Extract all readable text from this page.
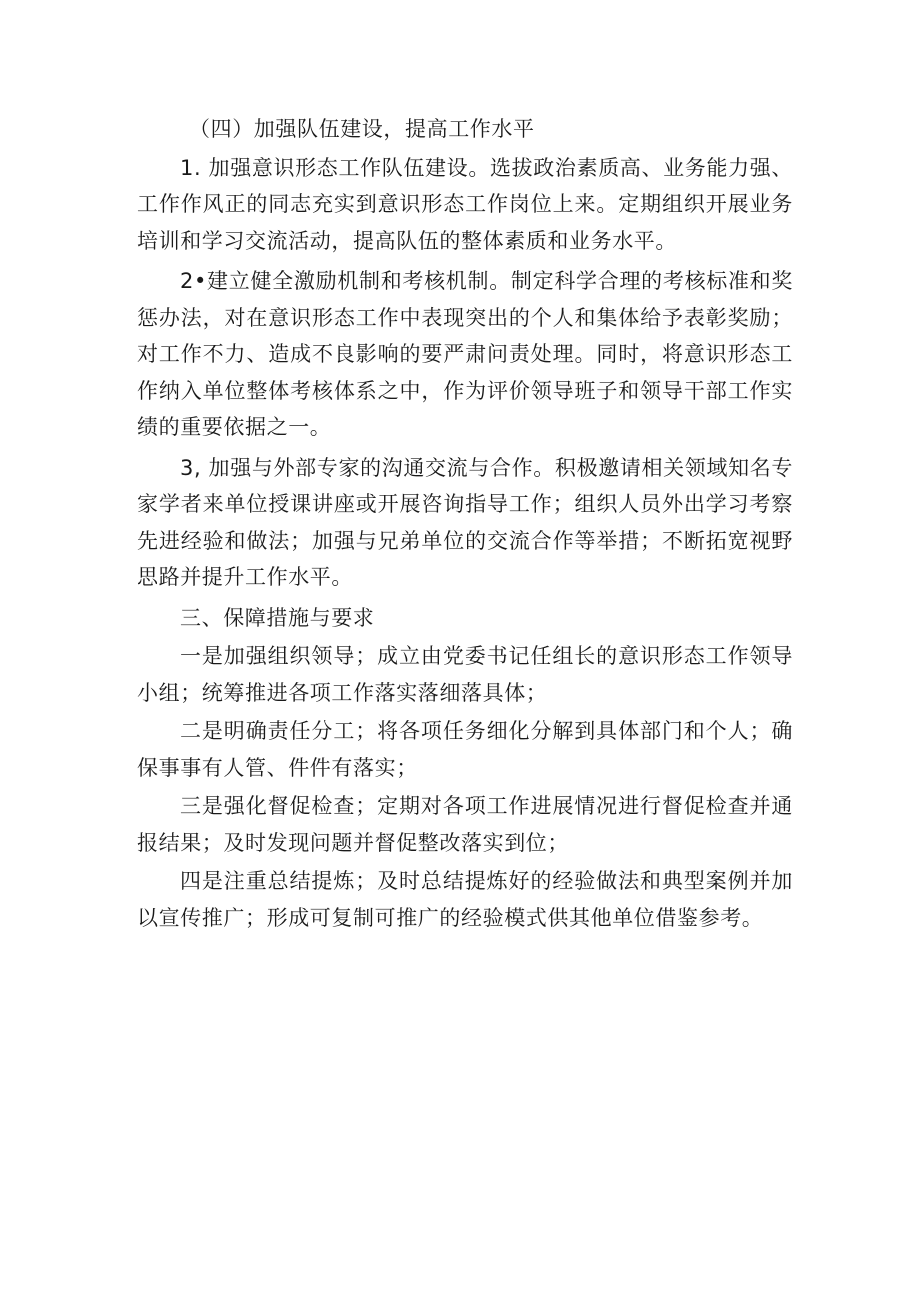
（四）加强队伍建设，提高工作水平

1. 加强意识形态工作队伍建设。选拔政治素质高、业务能力强、工作作风正的同志充实到意识形态工作岗位上来。定期组织开展业务培训和学习交流活动，提高队伍的整体素质和业务水平。

2•建立健全激励机制和考核机制。制定科学合理的考核标准和奖惩办法，对在意识形态工作中表现突出的个人和集体给予表彰奖励；对工作不力、造成不良影响的要严肃问责处理。同时，将意识形态工作纳入单位整体考核体系之中，作为评价领导班子和领导干部工作实绩的重要依据之一。

3, 加强与外部专家的沟通交流与合作。积极邀请相关领域知名专家学者来单位授课讲座或开展咨询指导工作；组织人员外出学习考察先进经验和做法；加强与兄弟单位的交流合作等举措；不断拓宽视野思路并提升工作水平。

三、保障措施与要求

一是加强组织领导；成立由党委书记任组长的意识形态工作领导小组；统筹推进各项工作落实落细落具体；

二是明确责任分工；将各项任务细化分解到具体部门和个人；确保事事有人管、件件有落实；

三是强化督促检查；定期对各项工作进展情况进行督促检查并通报结果；及时发现问题并督促整改落实到位；

四是注重总结提炼；及时总结提炼好的经验做法和典型案例并加以宣传推广；形成可复制可推广的经验模式供其他单位借鉴参考。
